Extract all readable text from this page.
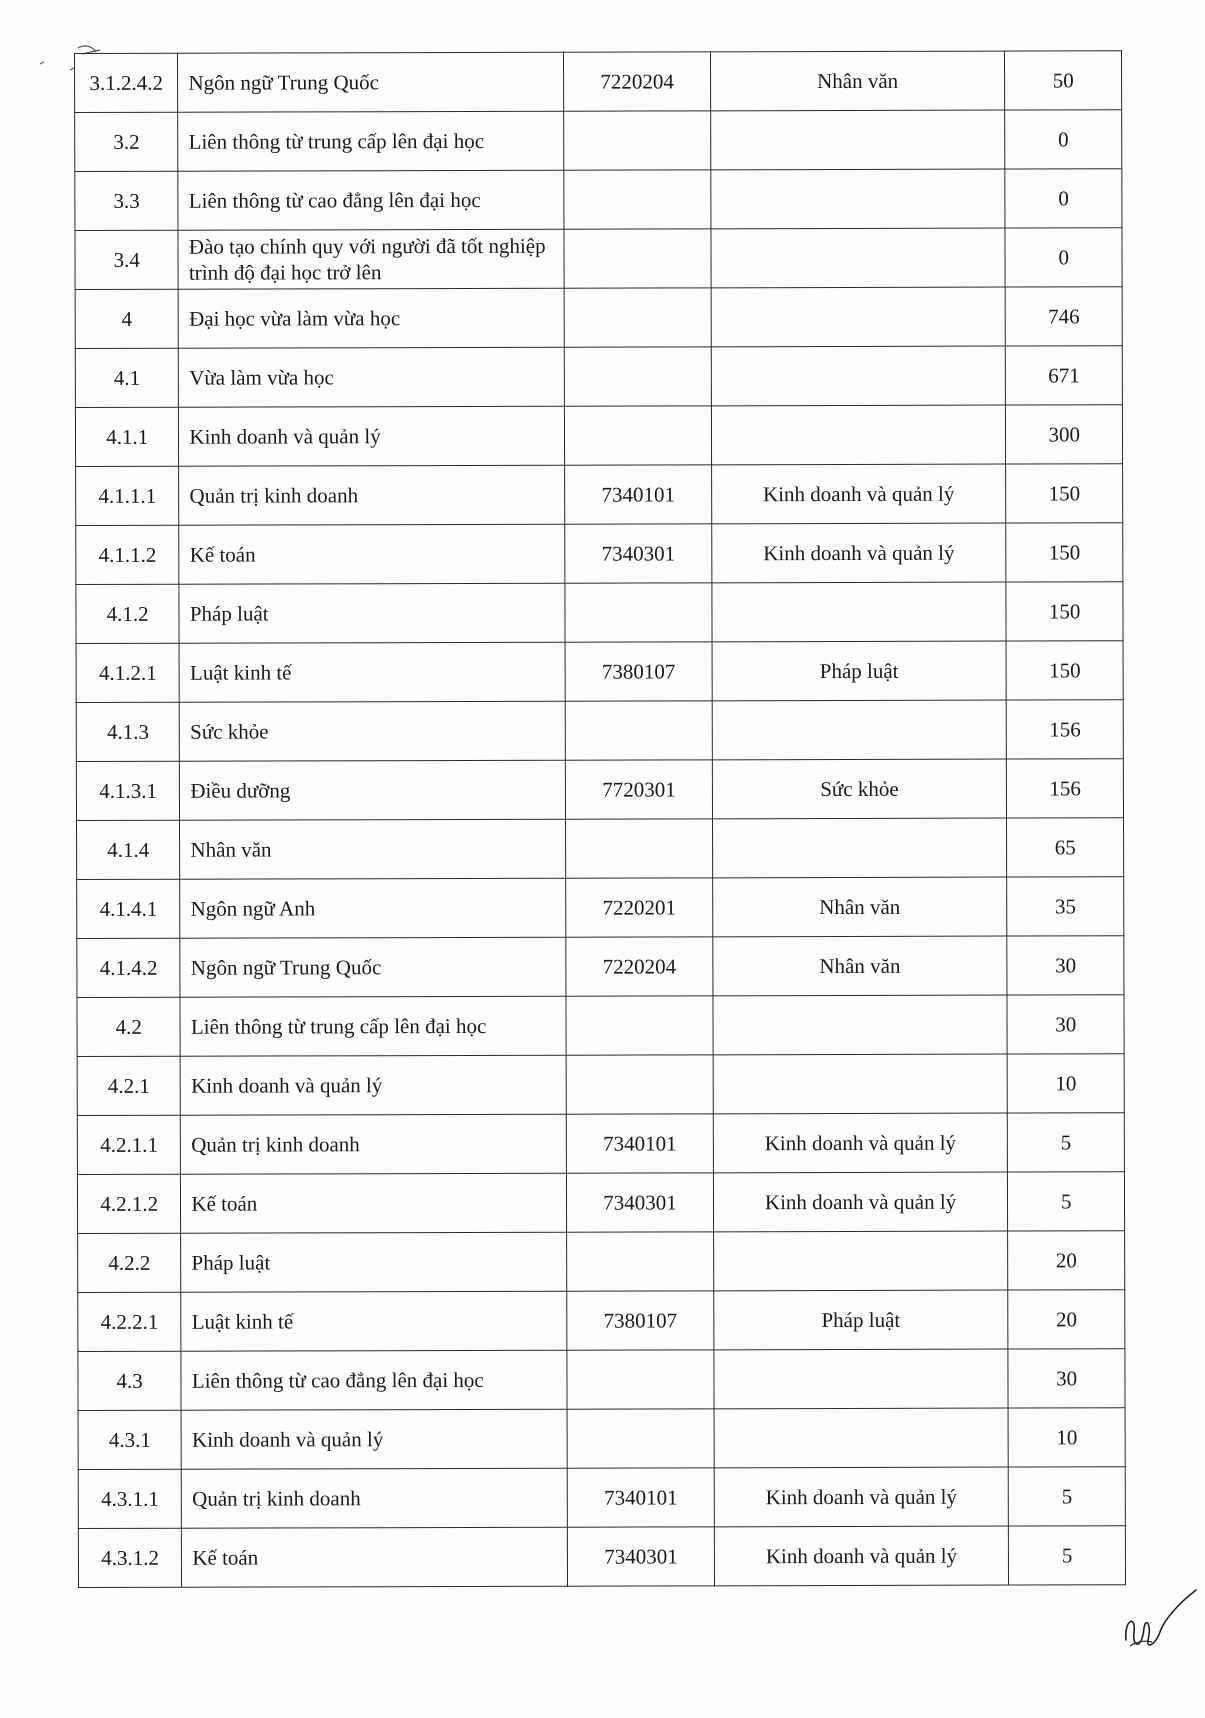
3.1.2.4.2	Ngôn ngữ Trung Quốc	7220204	Nhân văn	50
3.2	Liên thông từ trung cấp lên đại học			0
3.3	Liên thông từ cao đẳng lên đại học			0
3.4	Đào tạo chính quy với người đã tốt nghiệp trình độ đại học trở lên			0
4	Đại học vừa làm vừa học			746
4.1	Vừa làm vừa học			671
4.1.1	Kinh doanh và quản lý			300
4.1.1.1	Quản trị kinh doanh	7340101	Kinh doanh và quản lý	150
4.1.1.2	Kế toán	7340301	Kinh doanh và quản lý	150
4.1.2	Pháp luật			150
4.1.2.1	Luật kinh tế	7380107	Pháp luật	150
4.1.3	Sức khỏe			156
4.1.3.1	Điều dưỡng	7720301	Sức khỏe	156
4.1.4	Nhân văn			65
4.1.4.1	Ngôn ngữ Anh	7220201	Nhân văn	35
4.1.4.2	Ngôn ngữ Trung Quốc	7220204	Nhân văn	30
4.2	Liên thông từ trung cấp lên đại học			30
4.2.1	Kinh doanh và quản lý			10
4.2.1.1	Quản trị kinh doanh	7340101	Kinh doanh và quản lý	5
4.2.1.2	Kế toán	7340301	Kinh doanh và quản lý	5
4.2.2	Pháp luật			20
4.2.2.1	Luật kinh tế	7380107	Pháp luật	20
4.3	Liên thông từ cao đẳng lên đại học			30
4.3.1	Kinh doanh và quản lý			10
4.3.1.1	Quản trị kinh doanh	7340101	Kinh doanh và quản lý	5
4.3.1.2	Kế toán	7340301	Kinh doanh và quản lý	5
